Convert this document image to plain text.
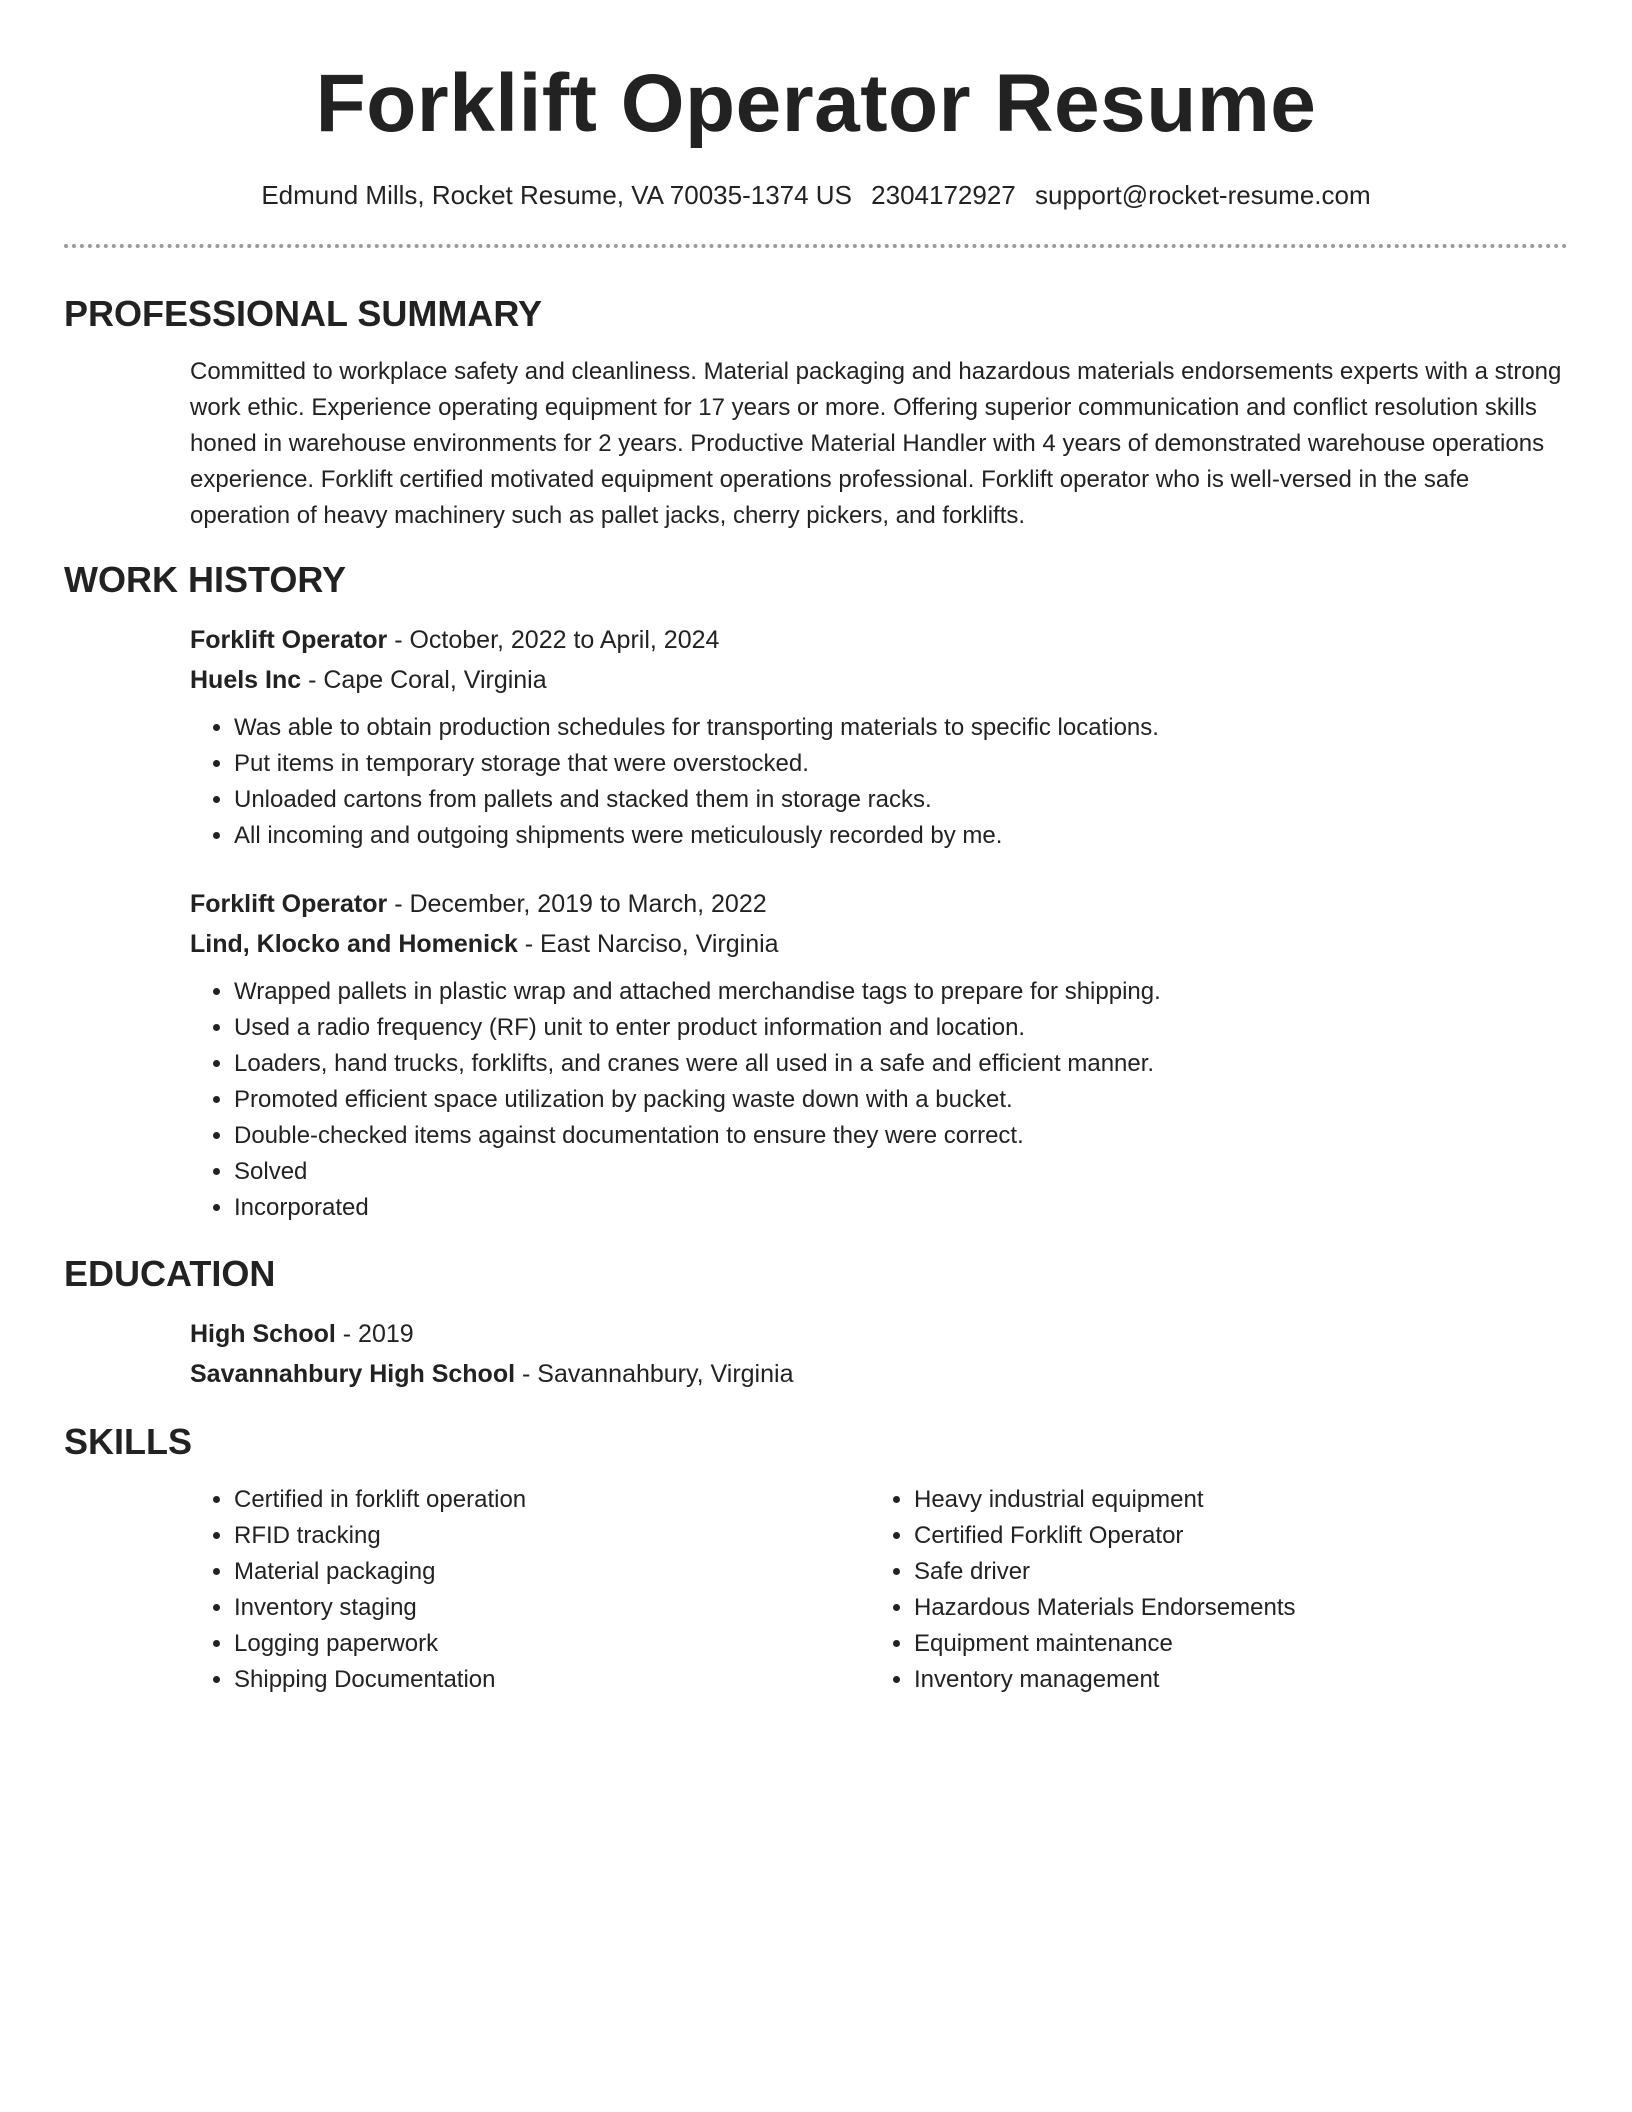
Forklift Operator Resume
Edmund Mills, Rocket Resume, VA 70035-1374 US 2304172927 support@rocket-resume.com
PROFESSIONAL SUMMARY

Committed to workplace safety and cleanliness. Material packaging and hazardous materials endorsements experts with a strong work ethic. Experience operating equipment for 17 years or more. Offering superior communication and conflict resolution skills honed in warehouse environments for 2 years. Productive Material Handler with 4 years of demonstrated warehouse operations experience. Forklift certified motivated equipment operations professional. Forklift operator who is well-versed in the safe operation of heavy machinery such as pallet jacks, cherry pickers, and forklifts.

WORK HISTORY

Forklift Operator - October, 2022 to April, 2024

Huels Inc - Cape Coral, Virginia

• Was able to obtain production schedules for transporting materials to specific locations.
• Put items in temporary storage that were overstocked.
• Unloaded cartons from pallets and stacked them in storage racks.
• All incoming and outgoing shipments were meticulously recorded by me.

Forklift Operator - December, 2019 to March, 2022

Lind, Klocko and Homenick - East Narciso, Virginia

• Wrapped pallets in plastic wrap and attached merchandise tags to prepare for shipping.
• Used a radio frequency (RF) unit to enter product information and location.
• Loaders, hand trucks, forklifts, and cranes were all used in a safe and efficient manner.
• Promoted efficient space utilization by packing waste down with a bucket.
• Double-checked items against documentation to ensure they were correct.
• Solved
• Incorporated
EDUCATION

High School - 2019

Savannahbury High School - Savannahbury, Virginia

SKILLS
• Certified in forklift operation
• RFID tracking
• Material packaging
• Inventory staging
• Logging paperwork
• Shipping Documentation
• Heavy industrial equipment
• Certified Forklift Operator
• Safe driver
• Hazardous Materials Endorsements
• Equipment maintenance
• Inventory management
